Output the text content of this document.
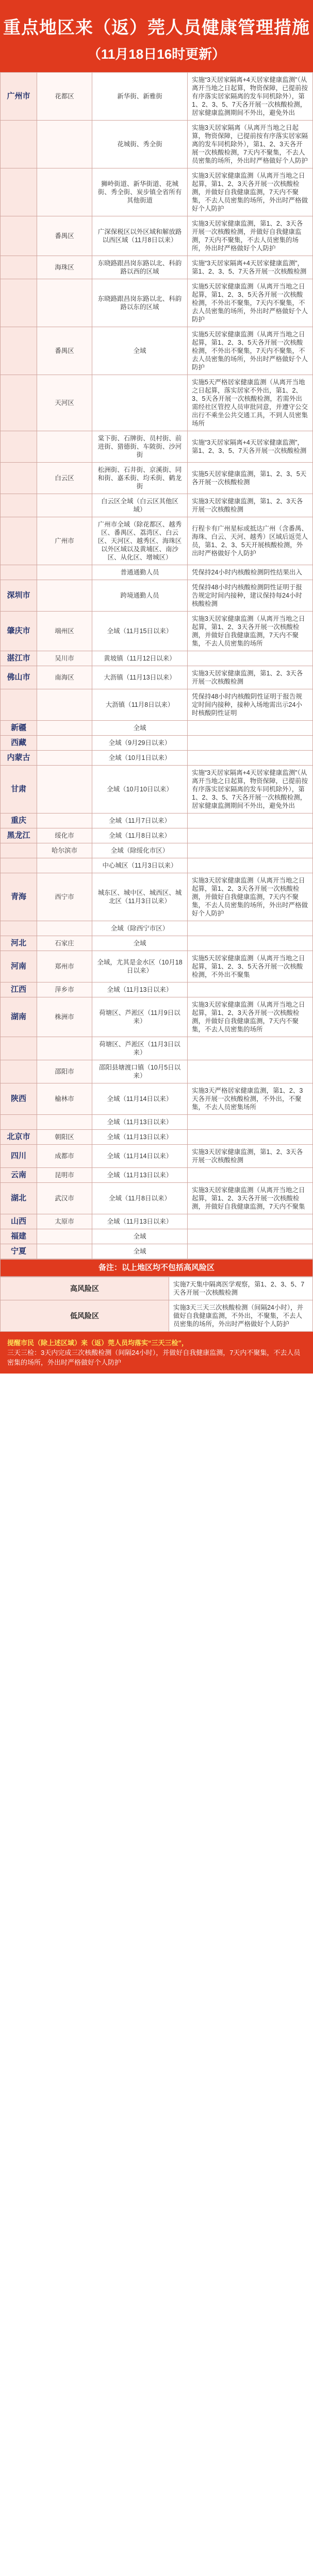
重点地区来（返）莞人员健康管理措施
（11月18日16时更新）
广州市	花都区	新华街、新雅街	实施“3天居家隔离+4天居家健康监测”（从离开当地之日起算，物资保障，已提前按有序落实居家隔离的发车同机除外），第1、2、3、5、7天各开展一次核酸检测，居家健康监测期间不外出，避免外出
		花城街、秀全街	实施3天居家隔离（从离开当地之日起算，物资保障，已提前按有序落实居家隔离的发车同机除外），第1、2、3天各开展一次核酸检测，7天内不聚集，不去人员密集的场所，外出时严格做好个人防护
		狮岭街道、新华街道、花城街、秀全街、炭步镇全省所有其他街道	实施3天居家健康监测（从离开当地之日起算，第1、2、3天各开展一次核酸检测，并做好自我健康监测，7天内不聚集，不去人员密集的场所，外出时严格做好个人防护
	番禺区	广深保税区以外区域和解放路以西区域（11月8日以来）	实施3天居家健康监测，第1、2、3天各开展一次核酸检测，并做好自我健康监测，7天内不聚集，不去人员密集的场所，外出时严格做好个人防护
	海珠区	东晓路跟昌岗东路以北、科韵路以西的区域	实施“3天居家隔离+4天居家健康监测”，第1、2、3、5、7天各开展一次核酸检测
		东晓路跟昌岗东路以北、科韵路以东的区域	实施5天居家健康监测（从离开当地之日起算，第1、2、3、5天各开展一次核酸检测，不外出不聚集，7天内不聚集，不去人员密集的场所，外出时严格做好个人防护
	番禺区	全域	实施5天居家健康监测（从离开当地之日起算，第1、2、3、5天各开展一次核酸检测，不外出不聚集，7天内不聚集，不去人员密集的场所，外出时严格做好个人防护
	天河区		实施5天严格居家健康监测（从离开当地之日起算，落实居家不外出，第1、2、3、5天各开展一次核酸检测，若需外出需经社区管控人员审批同意，并遵守公交出行不乘坐公共交通工具，不到人员密集场所
		棠下街、石牌街、员村街、前进街、猎德街、车陂街、沙河街	实施“3天居家隔离+4天居家健康监测”，第1、2、3、5、7天各开展一次核酸检测
	白云区	松洲街、石井街、京溪街、同和街、嘉禾街、均禾街、鹤龙街	实施5天居家健康监测，第1、2、3、5天各开展一次核酸检测
		白云区全域（白云区其他区域）	实施3天居家健康监测，第1、2、3天各开展一次核酸检测
	广州市	广州市全域（除花都区、越秀区、番禺区、荔湾区、白云区、天河区、越秀区、海珠区以外区域以及黄埔区、南沙区、从化区、增城区）	行程卡有广州星标或抵达广州（含番禺、海珠、白云、天河、越秀）区域后返莞人员，第1、2、3、5天开展核酸检测，外出时严格做好个人防护
		普通通勤人员	凭保持24小时内核酸检测阴性结果出入
深圳市		跨境通勤人员	凭保持48小时内核酸检测阴性证明于报告规定时间内接种，建议保持每24小时核酸检测
肇庆市	端州区	全域（11月15日以来）	实施3天居家健康监测（从离开当地之日起算，第1、2、3天各开展一次核酸检测，并做好自我健康监测，7天内不聚集，不去人员密集的场所
湛江市	吴川市	黄坡镇（11月12日以来）	
佛山市	南海区	大沥镇（11月13日以来）	实施3天居家健康监测，第1、2、3天各开展一次核酸检测
		大沥镇（11月8日以来）	凭保持48小时内核酸阴性证明于报告规定时间内接种，接种入场地需出示24小时核酸阴性证明
新疆		全域	
西藏		全域（9月29日以来）	
内蒙古		全域（10月1日以来）	
甘肃		全域（10月10日以来）	实施“3天居家隔离+4天居家健康监测”（从离开当地之日起算，物资保障，已提前按有序落实居家隔离的发车同机除外），第1、2、3、5、7天各开展一次核酸检测，居家健康监测期间不外出，避免外出
重庆		全域（11月7日以来）	
黑龙江	绥化市	全域（11月8日以来）	
	哈尔滨市	全域（除绥化市区）	
		中心城区（11月3日以来）	
青海	西宁市	城东区、城中区、城西区、城北区（11月3日以来）	实施3天居家健康监测（从离开当地之日起算，第1、2、3天各开展一次核酸检测，并做好自我健康监测，7天内不聚集，不去人员密集的场所，外出时严格做好个人防护
		全域（除西宁市区）	
河北	石家庄	全域	
河南	郑州市	全域，尤其是金水区（10月18日以来）	实施5天居家健康监测（从离开当地之日起算，第1、2、3、5天各开展一次核酸检测，不外出不聚集
江西	萍乡市	全域（11月13日以来）	
湖南	株洲市	荷塘区、芦淞区（11月9日以来）	实施3天居家健康监测（从离开当地之日起算，第1、2、3天各开展一次核酸检测，并做好自我健康监测，7天内不聚集，不去人员密集的场所
		荷塘区、芦淞区（11月3日以来）	
	邵阳市	邵阳县塘渡口镇（10月5日以来）	
陕西	榆林市	全域（11月14日以来）	实施3天严格居家健康监测，第1、2、3天各开展一次核酸检测，不外出，不聚集，不去人员密集场所
		全域（11月13日以来）	
北京市	朝阳区	全域（11月13日以来）	
四川	成都市	全域（11月14日以来）	实施3天居家健康监测，第1、2、3天各开展一次核酸检测
云南	昆明市	全域（11月13日以来）	
湖北	武汉市	全域（11月8日以来）	实施3天居家健康监测（从离开当地之日起算，第1、2、3天各开展一次核酸检测，并做好自我健康监测，7天内不聚集
山西	太原市	全域（11月13日以来）	
福建		全域	
宁夏		全域	
备注：以上地区均不包括高风险区
高风险区	实施7天集中隔离医学观察，第1、2、3、5、7天各开展一次核酸检测
低风险区	实施3天三天三次核酸检测（间隔24小时），并做好自我健康监测，不外出，不聚集，不去人员密集的场所，外出时严格做好个人防护
提醒市民（除上述区域）来（返）莞人员均落实“三天三检”，
三天三检：3天内完成三次核酸检测（间隔24小时），并做好自我健康监测，7天内不聚集，不去人员密集的场所，外出时严格做好个人防护
